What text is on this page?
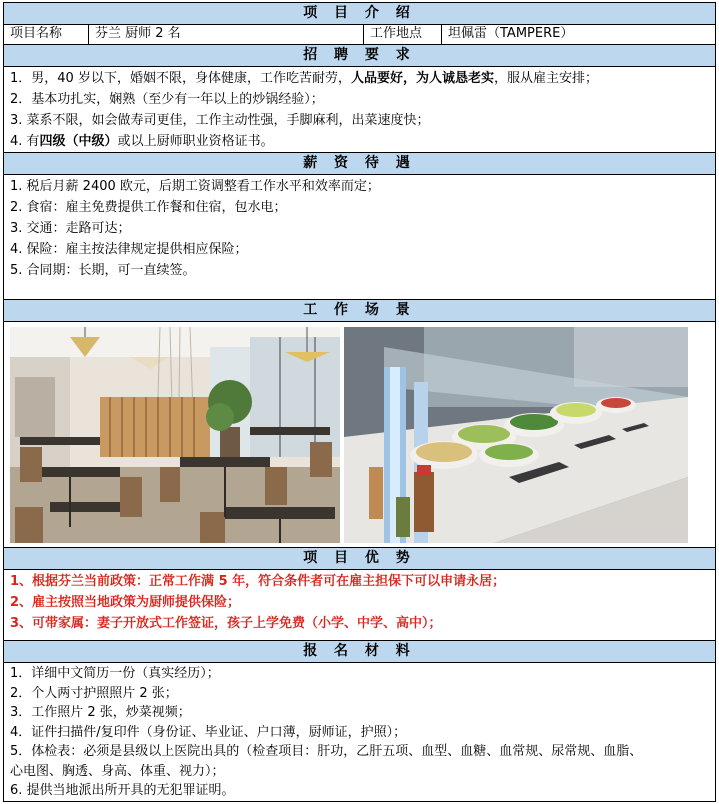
项 目 介 绍
项目名称	芬兰 厨师 2 名	工作地点	坦佩雷（TAMPERE）
招 聘 要 求
1．男，40 岁以下，婚姻不限，身体健康，工作吃苦耐劳，人品要好，为人诚恳老实，服从雇主安排；
2．基本功扎实，娴熟（至少有一年以上的炒锅经验）；
3. 菜系不限，如会做寿司更佳，工作主动性强，手脚麻利，出菜速度快；
4. 有四级（中级）或以上厨师职业资格证书。
薪 资 待 遇
1. 税后月薪 2400 欧元，后期工资调整看工作水平和效率而定；
2. 食宿：雇主免费提供工作餐和住宿，包水电；
3. 交通：走路可达；
4. 保险：雇主按法律规定提供相应保险；
5. 合同期：长期，可一直续签。
工 作 场 景
项 目 优 势
1、根据芬兰当前政策：正常工作满 5 年，符合条件者可在雇主担保下可以申请永居；
2、雇主按照当地政策为厨师提供保险；
3、可带家属：妻子开放式工作签证，孩子上学免费（小学、中学、高中）；
报 名 材 料
1．详细中文简历一份（真实经历）；
2．个人两寸护照照片 2 张；
3．工作照片 2 张，炒菜视频；
4．证件扫描件/复印件（身份证、毕业证、户口薄，厨师证，护照）；
5．体检表：必须是县级以上医院出具的（检查项目：肝功，乙肝五项、血型、血糖、血常规、尿常规、血脂、
心电图、胸透、身高、体重、视力）；
6. 提供当地派出所开具的无犯罪证明。
